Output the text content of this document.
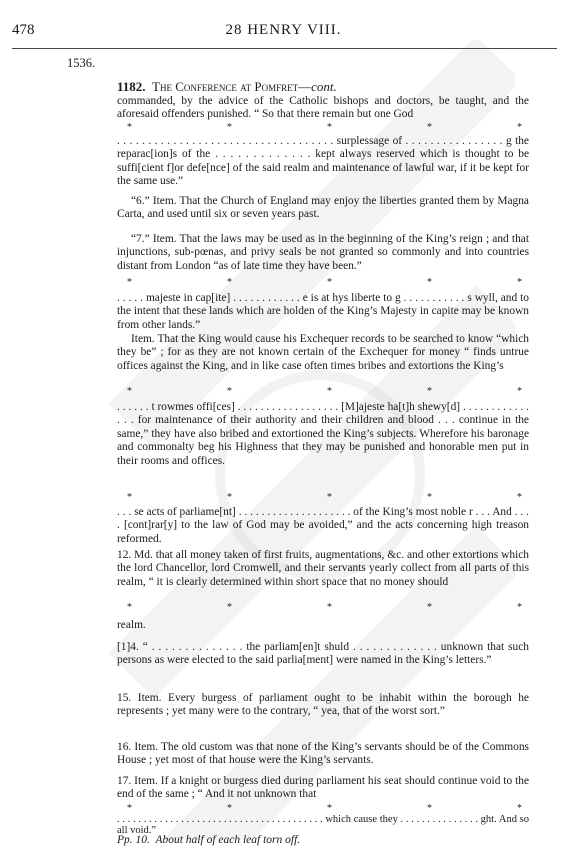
478	28 HENRY VIII.
1536.
1182. The Conference at Pomfret—cont.

commanded, by the advice of the Catholic bishops and doctors, be taught, and the aforesaid offenders punished. “ So that there remain but one God

*	*	*	*	*

. . . . . . . . . . . . . . . . . . . . . . . . . . . . . . . . . . . surplessage of . . . . . . . . . . . . . . . . g the reparac[ion]s of the . . . . . . . . . . . . . kept always reserved which is thought to be suffi[cient f]or defe[nce] of the said realm and maintenance of lawful war, if it be kept for the same use.”

“6.” Item. That the Church of England may enjoy the liberties granted them by Magna Carta, and used until six or seven years past.

“7.” Item. That the laws may be used as in the beginning of the King’s reign ; and that injunctions, sub-pœnas, and privy seals be not granted so commonly and into countries distant from London “as of late time they have been.”

*	*	*	*	*

. . . . . majeste in cap[ite] . . . . . . . . . . . . e is at hys liberte to g . . . . . . . . . . . s wyll, and to the intent that these lands which are holden of the King’s Majesty in capite may be known from other lands.”

Item. That the King would cause his Exchequer records to be searched to know “which they be” ; for as they are not known certain of the Exchequer for money “ finds untrue offices against the King, and in like case often times bribes and extortions the King’s

*	*	*	*	*

. . . . . . t rowmes offi[ces] . . . . . . . . . . . . . . . . . . [M]ajeste ha[t]h shewy[d] . . . . . . . . . . . . . . . for maintenance of their authority and their children and blood . . . continue in the same,” they have also bribed and extortioned the King’s subjects. Wherefore his baronage and commonalty beg his Highness that they may be punished and honorable men put in their rooms and offices.

*	*	*	*	*

. . . se acts of parliame[nt] . . . . . . . . . . . . . . . . . . . . of the King’s most noble r . . . And . . . . [cont]rar[y] to the law of God may be avoided,” and the acts concerning high treason reformed.

12. Md. that all money taken of first fruits, augmentations, &c. and other extortions which the lord Chancellor, lord Cromwell, and their servants yearly collect from all parts of this realm, “ it is clearly determined within short space that no money should

*	*	*	*	*

realm.

[1]4. “ . . . . . . . . . . . . . . the parliam[en]t shuld . . . . . . . . . . . . . unknown that such persons as were elected to the said parlia[ment] were named in the King’s letters.”

15. Item. Every burgess of parliament ought to be inhabit within the borough he represents ; yet many were to the contrary, “ yea, that of the worst sort.”

16. Item. The old custom was that none of the King’s servants should be of the Commons House ; yet most of that house were the King’s servants.

17. Item. If a knight or burgess died during parliament his seat should continue void to the end of the same ; “ And it not unknown that

*	*	*	*	*

. . . . . . . . . . . . . . . . . . . . . . . . . . . . . . . . . . . . . . . which cause they . . . . . . . . . . . . . . . ght. And so all void.”

Pp. 10. About half of each leaf torn off.
